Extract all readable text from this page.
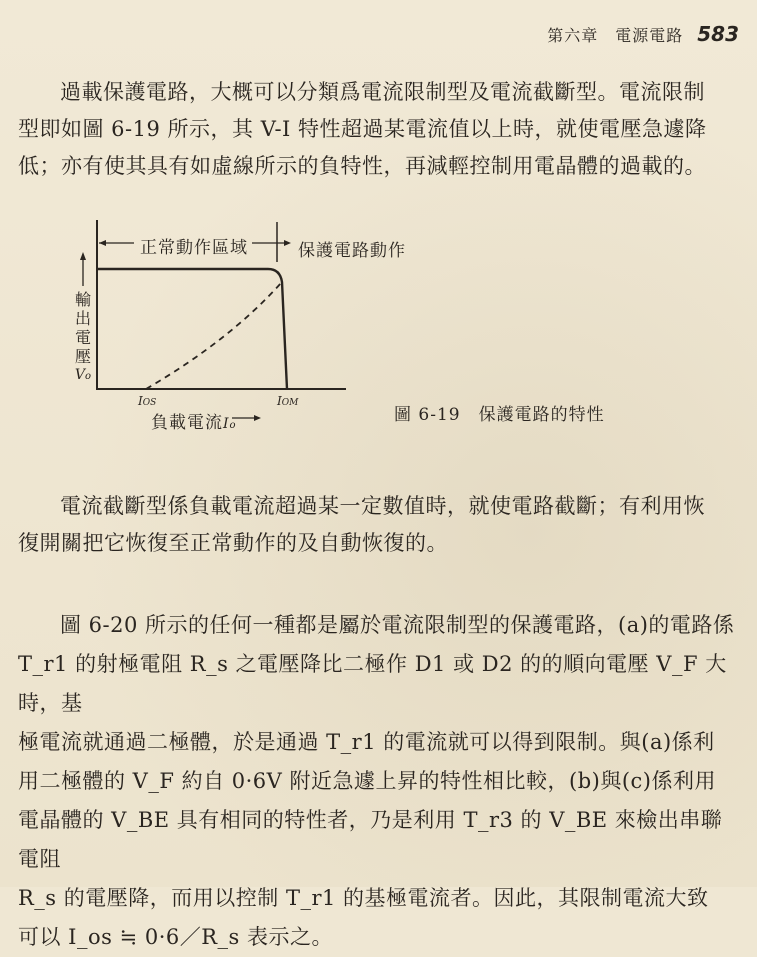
第六章　電源電路 583

過載保護電路，大概可以分類爲電流限制型及電流截斷型。電流限制

型即如圖 6-19 所示，其 V-I 特性超過某電流值以上時，就使電壓急遽降

低；亦有使其具有如虛線所示的負特性，再減輕控制用電晶體的過載的。

正常動作區域	保護電路動作
輸
出
電
壓
Vo
IOS	IOM
負載電流Io
圖 6-19　保護電路的特性

電流截斷型係負載電流超過某一定數值時，就使電路截斷；有利用恢

復開關把它恢復至正常動作的及自動恢復的。

圖 6-20 所示的任何一種都是屬於電流限制型的保護電路，(a)的電路係

T_r1 的射極電阻 R_s 之電壓降比二極作 D1 或 D2 的的順向電壓 V_F 大時，基

極電流就通過二極體，於是通過 T_r1 的電流就可以得到限制。與(a)係利

用二極體的 V_F 約自 0·6V 附近急遽上昇的特性相比較，(b)與(c)係利用

電晶體的 V_BE 具有相同的特性者，乃是利用 T_r3 的 V_BE 來檢出串聯電阻

R_s 的電壓降，而用以控制 T_r1 的基極電流者。因此，其限制電流大致

可以 I_os ≒ 0·6／R_s 表示之。
